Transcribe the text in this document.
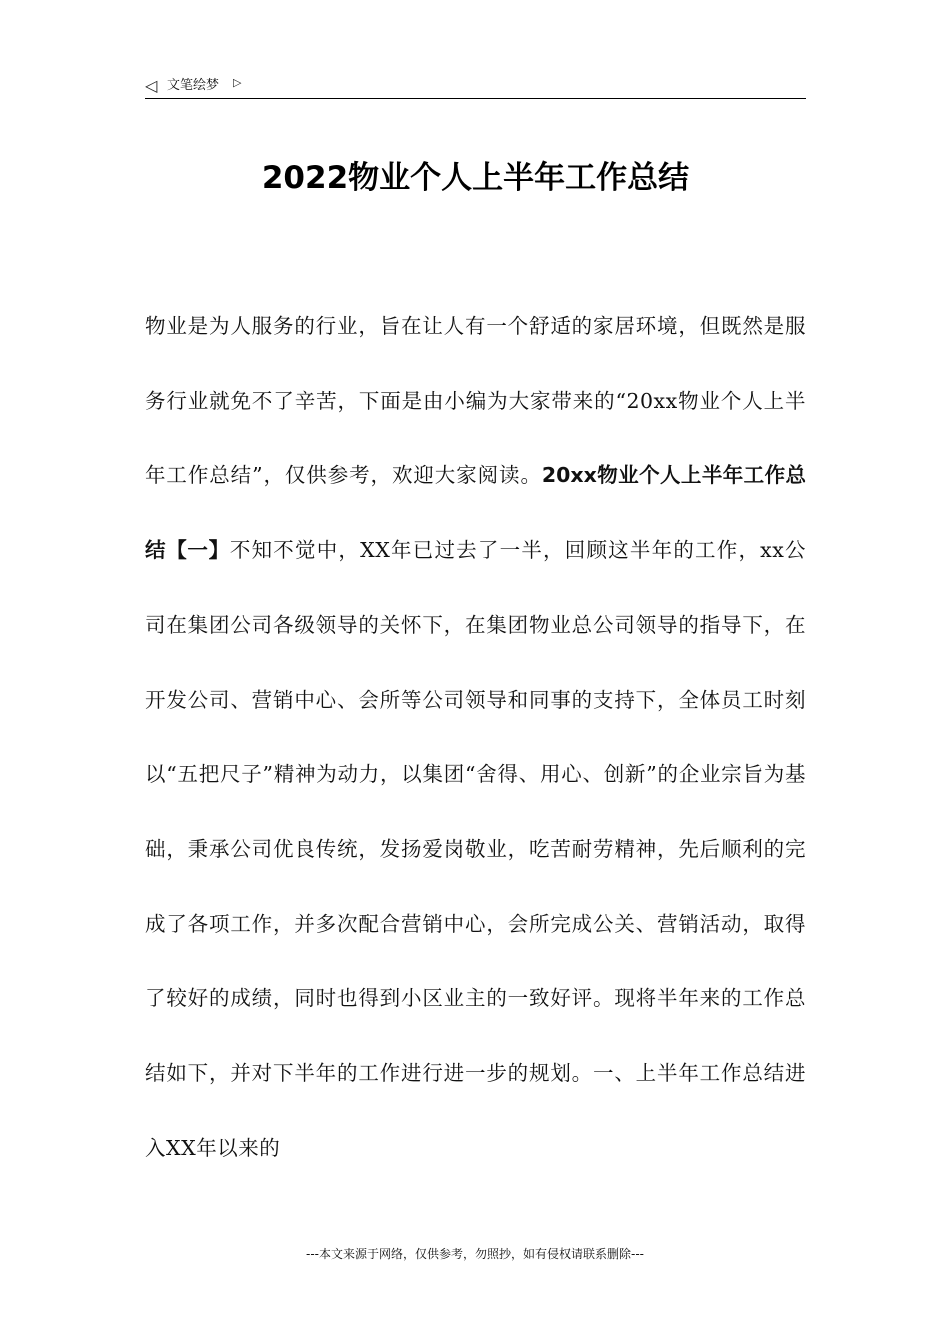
◁ 文笔绘梦 ▷
2022物业个人上半年工作总结
物业是为人服务的行业，旨在让人有一个舒适的家居环境，但既然是服务行业就免不了辛苦，下面是由小编为大家带来的“20xx物业个人上半年工作总结”，仅供参考，欢迎大家阅读。20xx物业个人上半年工作总结【一】不知不觉中，XX年已过去了一半，回顾这半年的工作，xx公司在集团公司各级领导的关怀下，在集团物业总公司领导的指导下，在开发公司、营销中心、会所等公司领导和同事的支持下，全体员工时刻以“五把尺子”精神为动力，以集团“舍得、用心、创新”的企业宗旨为基础，秉承公司优良传统，发扬爱岗敬业，吃苦耐劳精神，先后顺利的完成了各项工作，并多次配合营销中心，会所完成公关、营销活动，取得了较好的成绩，同时也得到小区业主的一致好评。现将半年来的工作总结如下，并对下半年的工作进行进一步的规划。一、上半年工作总结进入XX年以来的
---本文来源于网络，仅供参考，勿照抄，如有侵权请联系删除---
